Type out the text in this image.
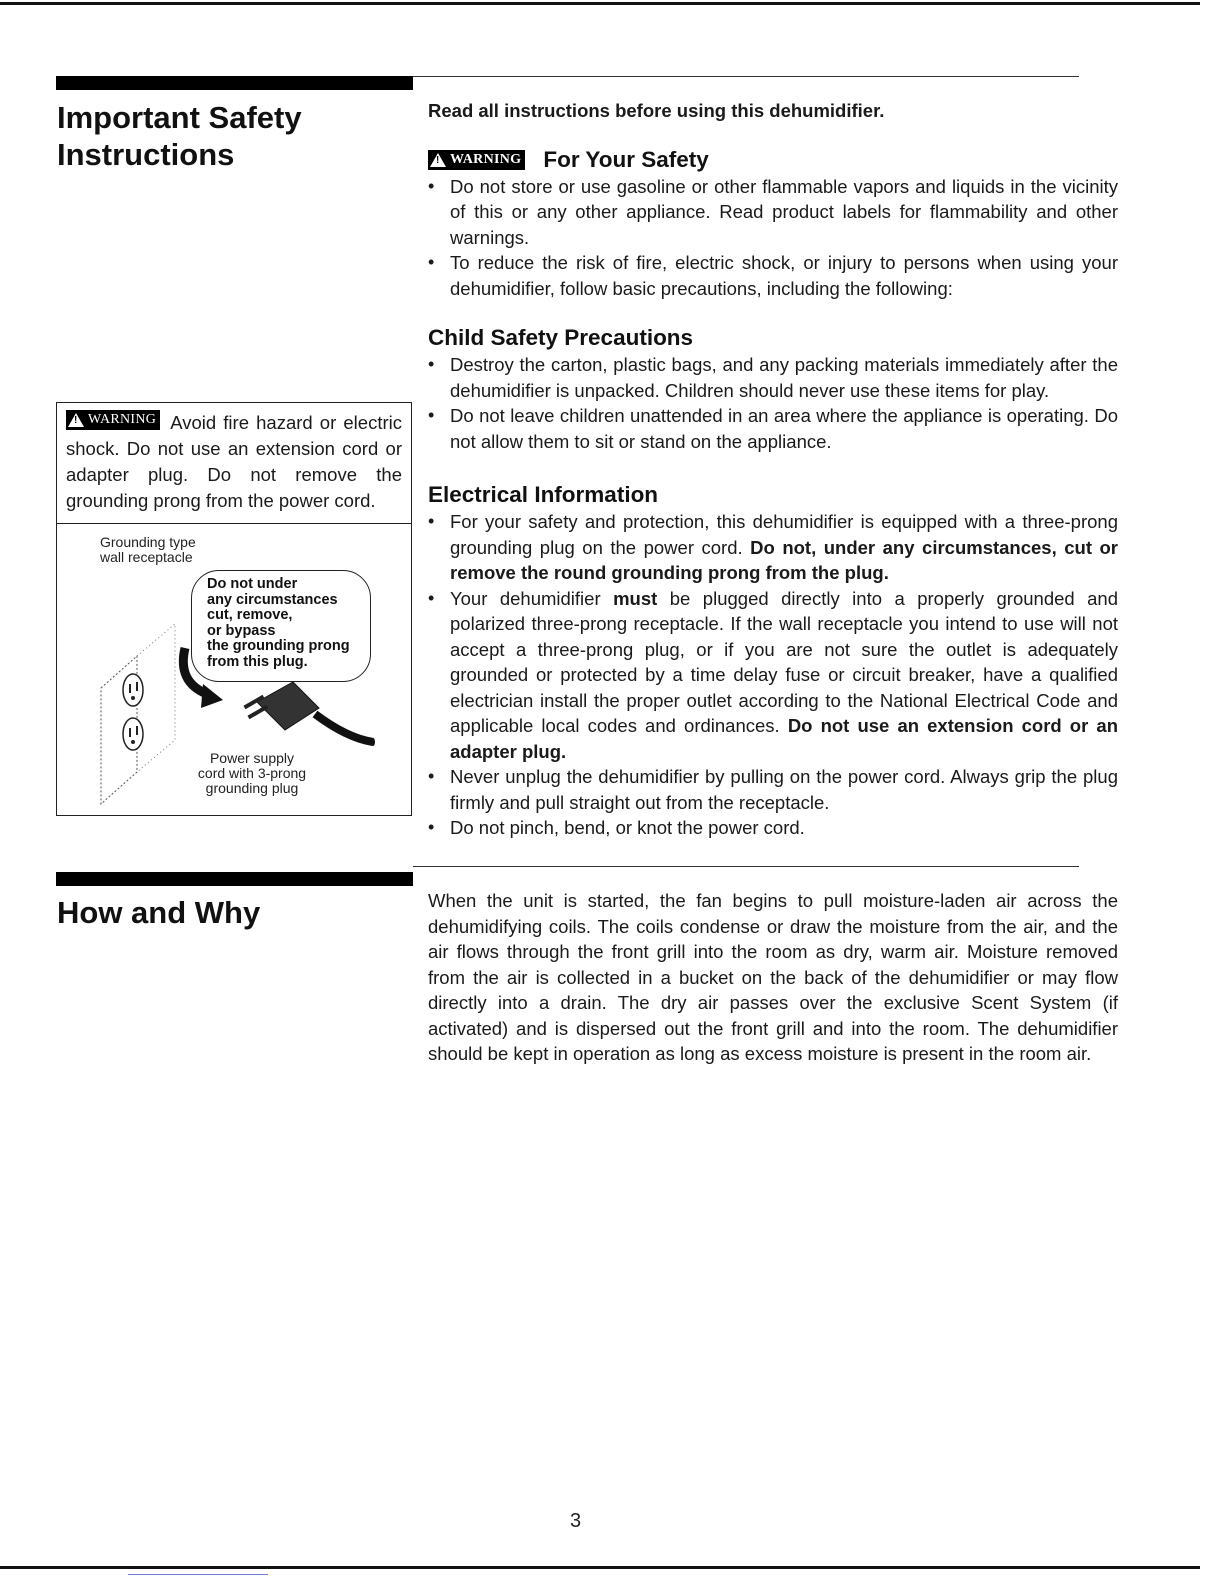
Important Safety
Instructions
Read all instructions before using this dehumidifier.
! WARNING For Your Safety
• Do not store or use gasoline or other flammable vapors and liquids in the vicinity of this or any other appliance. Read product labels for flammability and other warnings.
• To reduce the risk of fire, electric shock, or injury to persons when using your dehumidifier, follow basic precautions, including the following:
Child Safety Precautions
• Destroy the carton, plastic bags, and any packing materials immediately after the dehumidifier is unpacked. Children should never use these items for play.
• Do not leave children unattended in an area where the appliance is operating. Do not allow them to sit or stand on the appliance.
Electrical Information
• For your safety and protection, this dehumidifier is equipped with a three-prong grounding plug on the power cord. Do not, under any circumstances, cut or remove the round grounding prong from the plug.
• Your dehumidifier must be plugged directly into a properly grounded and polarized three-prong receptacle. If the wall receptacle you intend to use will not accept a three-prong plug, or if you are not sure the outlet is adequately grounded or protected by a time delay fuse or circuit breaker, have a qualified electrician install the proper outlet according to the National Electrical Code and applicable local codes and ordinances. Do not use an extension cord or an adapter plug.
• Never unplug the dehumidifier by pulling on the power cord. Always grip the plug firmly and pull straight out from the receptacle.
• Do not pinch, bend, or knot the power cord.
! WARNING Avoid fire hazard or electric shock. Do not use an extension cord or adapter plug. Do not remove the grounding prong from the power cord.
Grounding type
wall receptacle
Do not under
any circumstances
cut, remove,
or bypass
the grounding prong
from this plug.
Power supply
cord with 3-prong
grounding plug
How and Why	When the unit is started, the fan begins to pull moisture-laden air across the dehumidifying coils. The coils condense or draw the moisture from the air, and the air flows through the front grill into the room as dry, warm air. Moisture removed from the air is collected in a bucket on the back of the dehumidifier or may flow directly into a drain. The dry air passes over the exclusive Scent System (if activated) and is dispersed out the front grill and into the room. The dehumidifier should be kept in operation as long as excess moisture is present in the room air.
3
